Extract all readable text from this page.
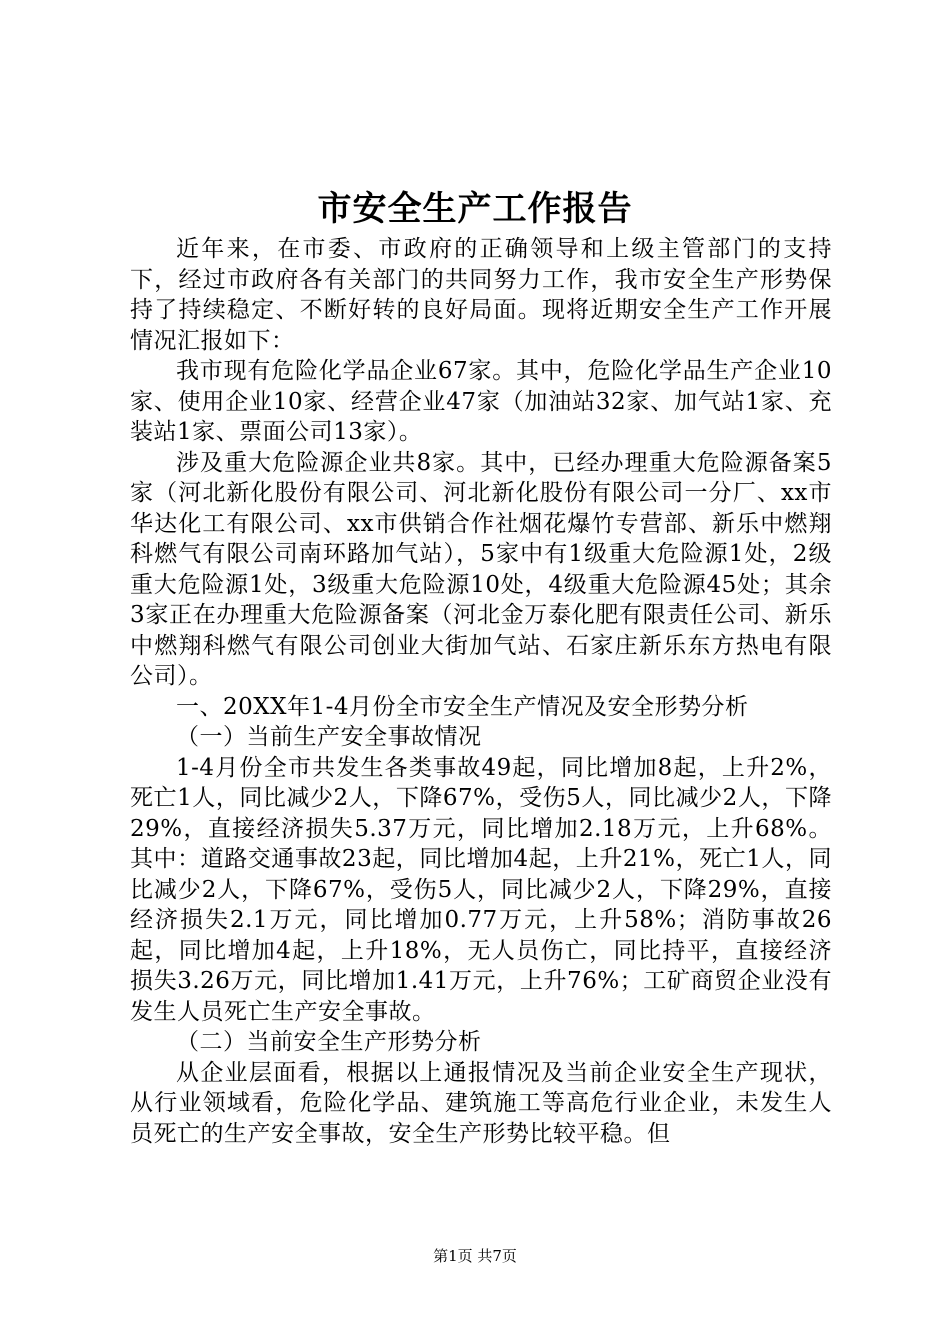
市安全生产工作报告

近年来，在市委、市政府的正确领导和上级主管部门的支持下，经过市政府各有关部门的共同努力工作，我市安全生产形势保持了持续稳定、不断好转的良好局面。现将近期安全生产工作开展情况汇报如下：

我市现有危险化学品企业67家。其中，危险化学品生产企业10家、使用企业10家、经营企业47家（加油站32家、加气站1家、充装站1家、票面公司13家）。

涉及重大危险源企业共8家。其中，已经办理重大危险源备案5家（河北新化股份有限公司、河北新化股份有限公司一分厂、xx市华达化工有限公司、xx市供销合作社烟花爆竹专营部、新乐中燃翔科燃气有限公司南环路加气站），5家中有1级重大危险源1处，2级重大危险源1处，3级重大危险源10处，4级重大危险源45处；其余3家正在办理重大危险源备案（河北金万泰化肥有限责任公司、新乐中燃翔科燃气有限公司创业大街加气站、石家庄新乐东方热电有限公司）。

一、20XX年1-4月份全市安全生产情况及安全形势分析

（一）当前生产安全事故情况

1-4月份全市共发生各类事故49起，同比增加8起，上升2%，死亡1人，同比减少2人，下降67%，受伤5人，同比减少2人，下降29%，直接经济损失5.37万元，同比增加2.18万元，上升68%。其中：道路交通事故23起，同比增加4起，上升21%，死亡1人，同比减少2人，下降67%，受伤5人，同比减少2人，下降29%，直接经济损失2.1万元，同比增加0.77万元，上升58%；消防事故26起，同比增加4起，上升18%，无人员伤亡，同比持平，直接经济损失3.26万元，同比增加1.41万元，上升76%；工矿商贸企业没有发生人员死亡生产安全事故。

（二）当前安全生产形势分析

从企业层面看，根据以上通报情况及当前企业安全生产现状，从行业领域看，危险化学品、建筑施工等高危行业企业，未发生人员死亡的生产安全事故，安全生产形势比较平稳。但

第1页 共7页
